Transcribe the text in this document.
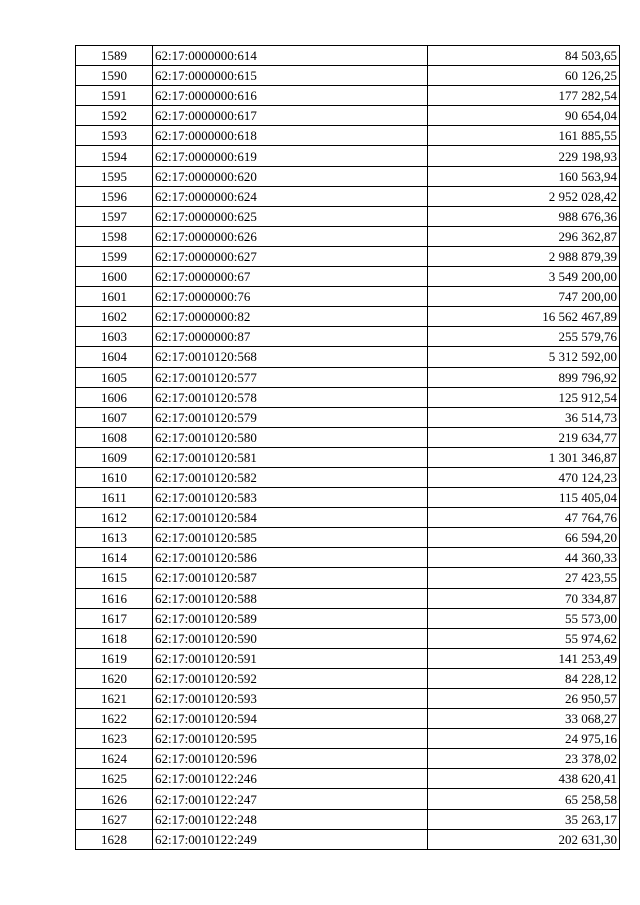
1589	62:17:0000000:614	84 503,65
1590	62:17:0000000:615	60 126,25
1591	62:17:0000000:616	177 282,54
1592	62:17:0000000:617	90 654,04
1593	62:17:0000000:618	161 885,55
1594	62:17:0000000:619	229 198,93
1595	62:17:0000000:620	160 563,94
1596	62:17:0000000:624	2 952 028,42
1597	62:17:0000000:625	988 676,36
1598	62:17:0000000:626	296 362,87
1599	62:17:0000000:627	2 988 879,39
1600	62:17:0000000:67	3 549 200,00
1601	62:17:0000000:76	747 200,00
1602	62:17:0000000:82	16 562 467,89
1603	62:17:0000000:87	255 579,76
1604	62:17:0010120:568	5 312 592,00
1605	62:17:0010120:577	899 796,92
1606	62:17:0010120:578	125 912,54
1607	62:17:0010120:579	36 514,73
1608	62:17:0010120:580	219 634,77
1609	62:17:0010120:581	1 301 346,87
1610	62:17:0010120:582	470 124,23
1611	62:17:0010120:583	115 405,04
1612	62:17:0010120:584	47 764,76
1613	62:17:0010120:585	66 594,20
1614	62:17:0010120:586	44 360,33
1615	62:17:0010120:587	27 423,55
1616	62:17:0010120:588	70 334,87
1617	62:17:0010120:589	55 573,00
1618	62:17:0010120:590	55 974,62
1619	62:17:0010120:591	141 253,49
1620	62:17:0010120:592	84 228,12
1621	62:17:0010120:593	26 950,57
1622	62:17:0010120:594	33 068,27
1623	62:17:0010120:595	24 975,16
1624	62:17:0010120:596	23 378,02
1625	62:17:0010122:246	438 620,41
1626	62:17:0010122:247	65 258,58
1627	62:17:0010122:248	35 263,17
1628	62:17:0010122:249	202 631,30
